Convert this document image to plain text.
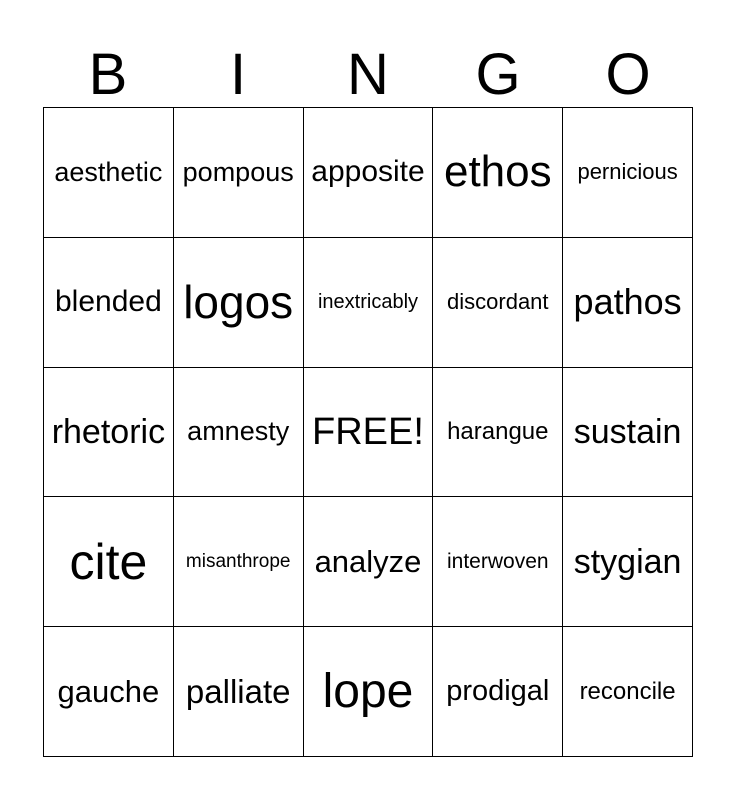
B	I	N	G	O
aesthetic pompous apposite ethos pernicious
blended logos inextricably discordant pathos
rhetoric amnesty FREE! harangue sustain
cite misanthrope analyze interwoven stygian
gauche palliate lope prodigal reconcile
